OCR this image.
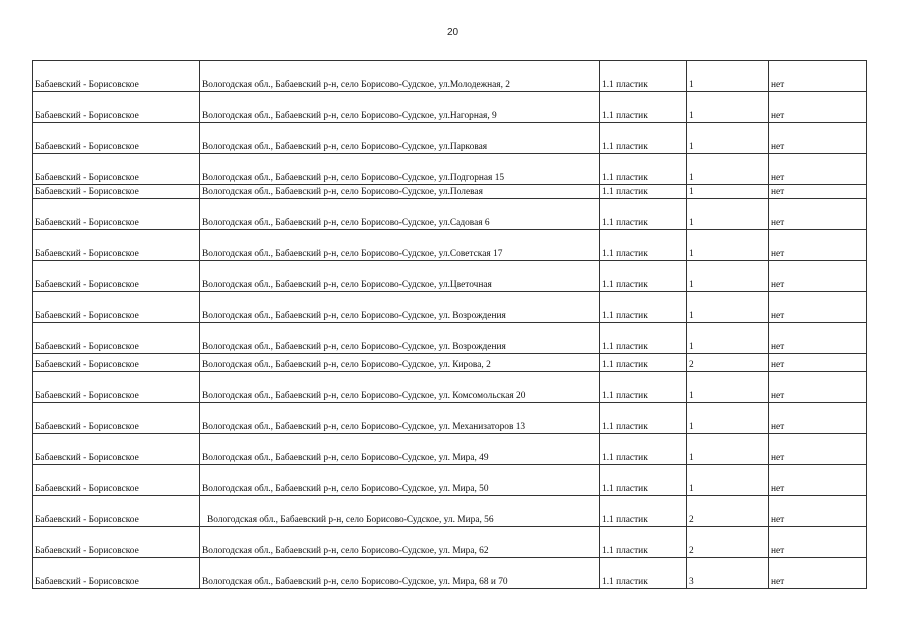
20
Бабаевский - Борисовское	Вологодская обл., Бабаевский р-н, село Борисово-Судское, ул.Молодежная, 2	1.1 пластик	1	нет
Бабаевский - Борисовское	Вологодская обл., Бабаевский р-н, село Борисово-Судское, ул.Нагорная, 9	1.1 пластик	1	нет
Бабаевский - Борисовское	Вологодская обл., Бабаевский р-н, село Борисово-Судское, ул.Парковая	1.1 пластик	1	нет
Бабаевский - Борисовское	Вологодская обл., Бабаевский р-н, село Борисово-Судское, ул.Подгорная 15	1.1 пластик	1	нет
Бабаевский - Борисовское	Вологодская обл., Бабаевский р-н, село Борисово-Судское, ул.Полевая	1.1 пластик	1	нет
Бабаевский - Борисовское	Вологодская обл., Бабаевский р-н, село Борисово-Судское, ул.Садовая 6	1.1 пластик	1	нет
Бабаевский - Борисовское	Вологодская обл., Бабаевский р-н, село Борисово-Судское, ул.Советская 17	1.1 пластик	1	нет
Бабаевский - Борисовское	Вологодская обл., Бабаевский р-н, село Борисово-Судское, ул.Цветочная	1.1 пластик	1	нет
Бабаевский - Борисовское	Вологодская обл., Бабаевский р-н, село Борисово-Судское, ул. Возрождения	1.1 пластик	1	нет
Бабаевский - Борисовское	Вологодская обл., Бабаевский р-н, село Борисово-Судское, ул. Возрождения	1.1 пластик	1	нет
Бабаевский - Борисовское	Вологодская обл., Бабаевский р-н, село Борисово-Судское, ул. Кирова, 2	1.1 пластик	2	нет
Бабаевский - Борисовское	Вологодская обл., Бабаевский р-н, село Борисово-Судское, ул. Комсомольская 20	1.1 пластик	1	нет
Бабаевский - Борисовское	Вологодская обл., Бабаевский р-н, село Борисово-Судское, ул. Механизаторов 13	1.1 пластик	1	нет
Бабаевский - Борисовское	Вологодская обл., Бабаевский р-н, село Борисово-Судское, ул. Мира, 49	1.1 пластик	1	нет
Бабаевский - Борисовское	Вологодская обл., Бабаевский р-н, село Борисово-Судское, ул. Мира, 50	1.1 пластик	1	нет
Бабаевский - Борисовское	Вологодская обл., Бабаевский р-н, село Борисово-Судское, ул. Мира, 56	1.1 пластик	2	нет
Бабаевский - Борисовское	Вологодская обл., Бабаевский р-н, село Борисово-Судское, ул. Мира, 62	1.1 пластик	2	нет
Бабаевский - Борисовское	Вологодская обл., Бабаевский р-н, село Борисово-Судское, ул. Мира, 68 и 70	1.1 пластик	3	нет
